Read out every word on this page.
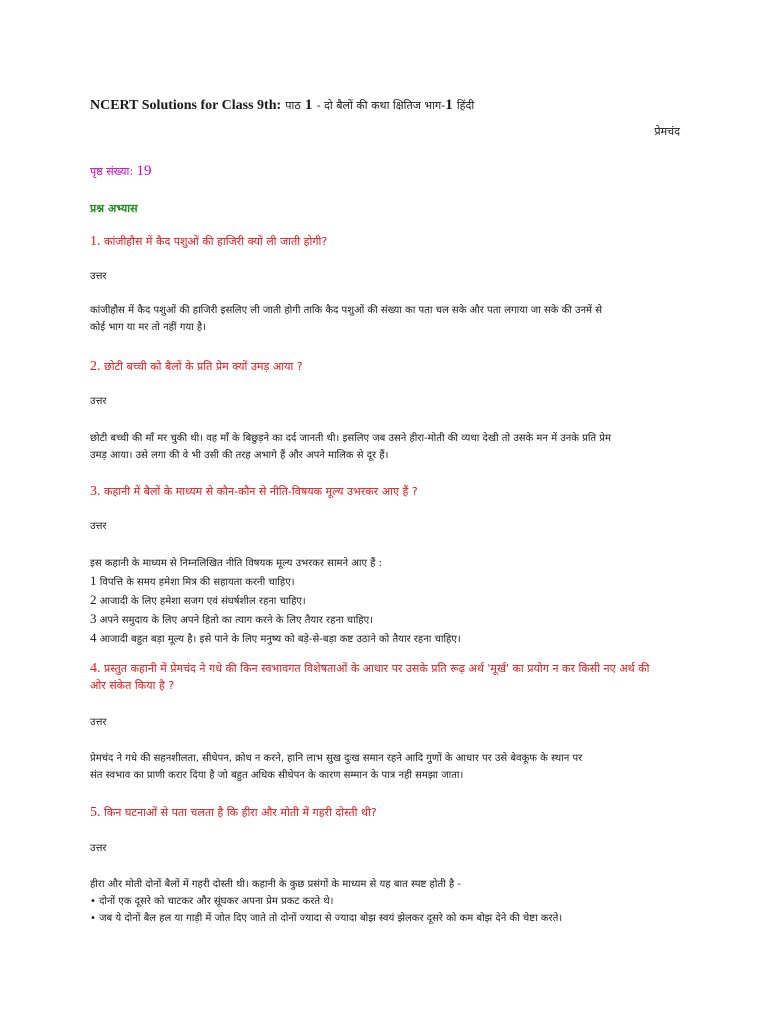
NCERT Solutions for Class 9th: पाठ 1 - दो बैलों की कथा क्षितिज भाग-1 हिंदी
प्रेमचंद
पृष्ठ संख्या: 19
प्रश्न अभ्यास
1. कांजीहौस में कैद पशुओं की हाजिरी क्यों ली जाती होगी?
उत्तर
कांजीहौस में कैद पशुओं की हाजिरी इसलिए ली जाती होगी ताकि कैद पशुओं की संख्या का पता चल सके और पता लगाया जा सके की उनमें से
कोई भाग या मर तो नहीं गया है।
2. छोटी बच्ची को बैलों के प्रति प्रेम क्यों उमड़ आया ?
उत्तर
छोटी बच्ची की माँ मर चुकी थी। वह माँ के बिछुड़ने का दर्द जानती थी। इसलिए जब उसने हीरा-मोती की व्यथा देखी तो उसके मन में उनके प्रति प्रेम
उमड़ आया। उसे लगा की वे भी उसी की तरह अभागे हैं और अपने मालिक से दूर हैं।
3. कहानी में बैलों के माध्यम से कौन-कौन से नीति-विषयक मूल्य उभरकर आए हैं ?
उत्तर
इस कहानी के माध्यम से निम्नलिखित नीति विषयक मूल्य उभरकर सामने आए हैं :
1 विपत्ति के समय हमेशा मित्र की सहायता करनी चाहिए।
2 आजादी के लिए हमेशा सजग एवं संघर्षशील रहना चाहिए।
3 अपने समुदाय के लिए अपने हितो का त्याग करने के लिए तैयार रहना चाहिए।
4 आजादी बहुत बड़ा मूल्य है। इसे पाने के लिए मनुष्य को बड़े-से-बड़ा कष्ट उठाने को तैयार रहना चाहिए।
4. प्रस्तुत कहानी में प्रेमचंद ने गधे की किन स्वभावगत विशेषताओं के आधार पर उसके प्रति रूढ़ अर्थ 'मूर्ख' का प्रयोग न कर किसी नए अर्थ की
ओर संकेत किया है ?
उत्तर
प्रेमचंद ने गधे की सहनशीलता, सीधेपन, क्रोध न करने, हानि लाभ सुख दुःख समान रहने आदि गुणों के आधार पर उसे बेवकूफ के स्थान पर
संत स्वभाव का प्राणी करार दिया है जो बहुत अधिक सीधेपन के कारण सम्मान के पात्र नही समझा जाता।
5. किन घटनाओं से पता चलता है कि हीरा और मोती में गहरी दोस्ती थी?
उत्तर
हीरा और मोती दोनों बैलों में गहरी दोस्ती थी। कहानी के कुछ प्रसंगों के माध्यम से यह बात स्पष्ट होती है -
• दोनों एक दूसरे को चाटकर और सूंघकर अपना प्रेम प्रकट करते थे।
• जब ये दोनों बैल हल या गाड़ी में जोत दिए जाते तो दोनों ज्यादा से ज्यादा बोझ स्वयं झेलकर दूसरे को कम बोझ देने की चेष्टा करते।
